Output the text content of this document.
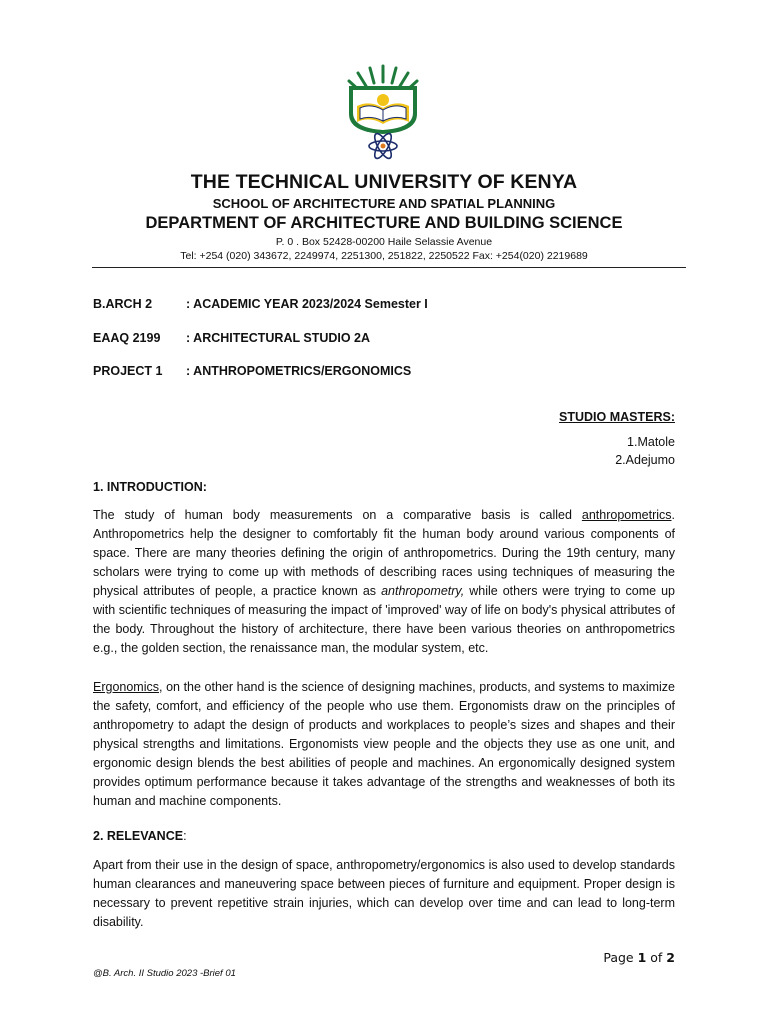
THE TECHNICAL UNIVERSITY OF KENYA
SCHOOL OF ARCHITECTURE AND SPATIAL PLANNING
DEPARTMENT OF ARCHITECTURE AND BUILDING SCIENCE
P. 0 . Box 52428-00200 Haile Selassie Avenue
Tel: +254 (020) 343672, 2249974, 2251300, 251822, 2250522 Fax: +254(020) 2219689
B.ARCH 2	: ACADEMIC YEAR 2023/2024 Semester I
EAAQ 2199 : ARCHITECTURAL STUDIO 2A
PROJECT 1 : ANTHROPOMETRICS/ERGONOMICS
STUDIO MASTERS:
1.Matole
2.Adejumo
1. INTRODUCTION:
The study of human body measurements on a comparative basis is called anthropometrics. Anthropometrics help the designer to comfortably fit the human body around various components of space. There are many theories defining the origin of anthropometrics. During the 19th century, many scholars were trying to come up with methods of describing races using techniques of measuring the physical attributes of people, a practice known as anthropometry, while others were trying to come up with scientific techniques of measuring the impact of 'improved' way of life on body's physical attributes of the body. Throughout the history of architecture, there have been various theories on anthropometrics e.g., the golden section, the renaissance man, the modular system, etc.
Ergonomics, on the other hand is the science of designing machines, products, and systems to maximize the safety, comfort, and efficiency of the people who use them. Ergonomists draw on the principles of anthropometry to adapt the design of products and workplaces to people’s sizes and shapes and their physical strengths and limitations. Ergonomists view people and the objects they use as one unit, and ergonomic design blends the best abilities of people and machines. An ergonomically designed system provides optimum performance because it takes advantage of the strengths and weaknesses of both its human and machine components.
2. RELEVANCE:
Apart from their use in the design of space, anthropometry/ergonomics is also used to develop standards human clearances and maneuvering space between pieces of furniture and equipment. Proper design is necessary to prevent repetitive strain injuries, which can develop over time and can lead to long-term disability.
Page 1 of 2
@B. Arch. II Studio 2023 -Brief 01
